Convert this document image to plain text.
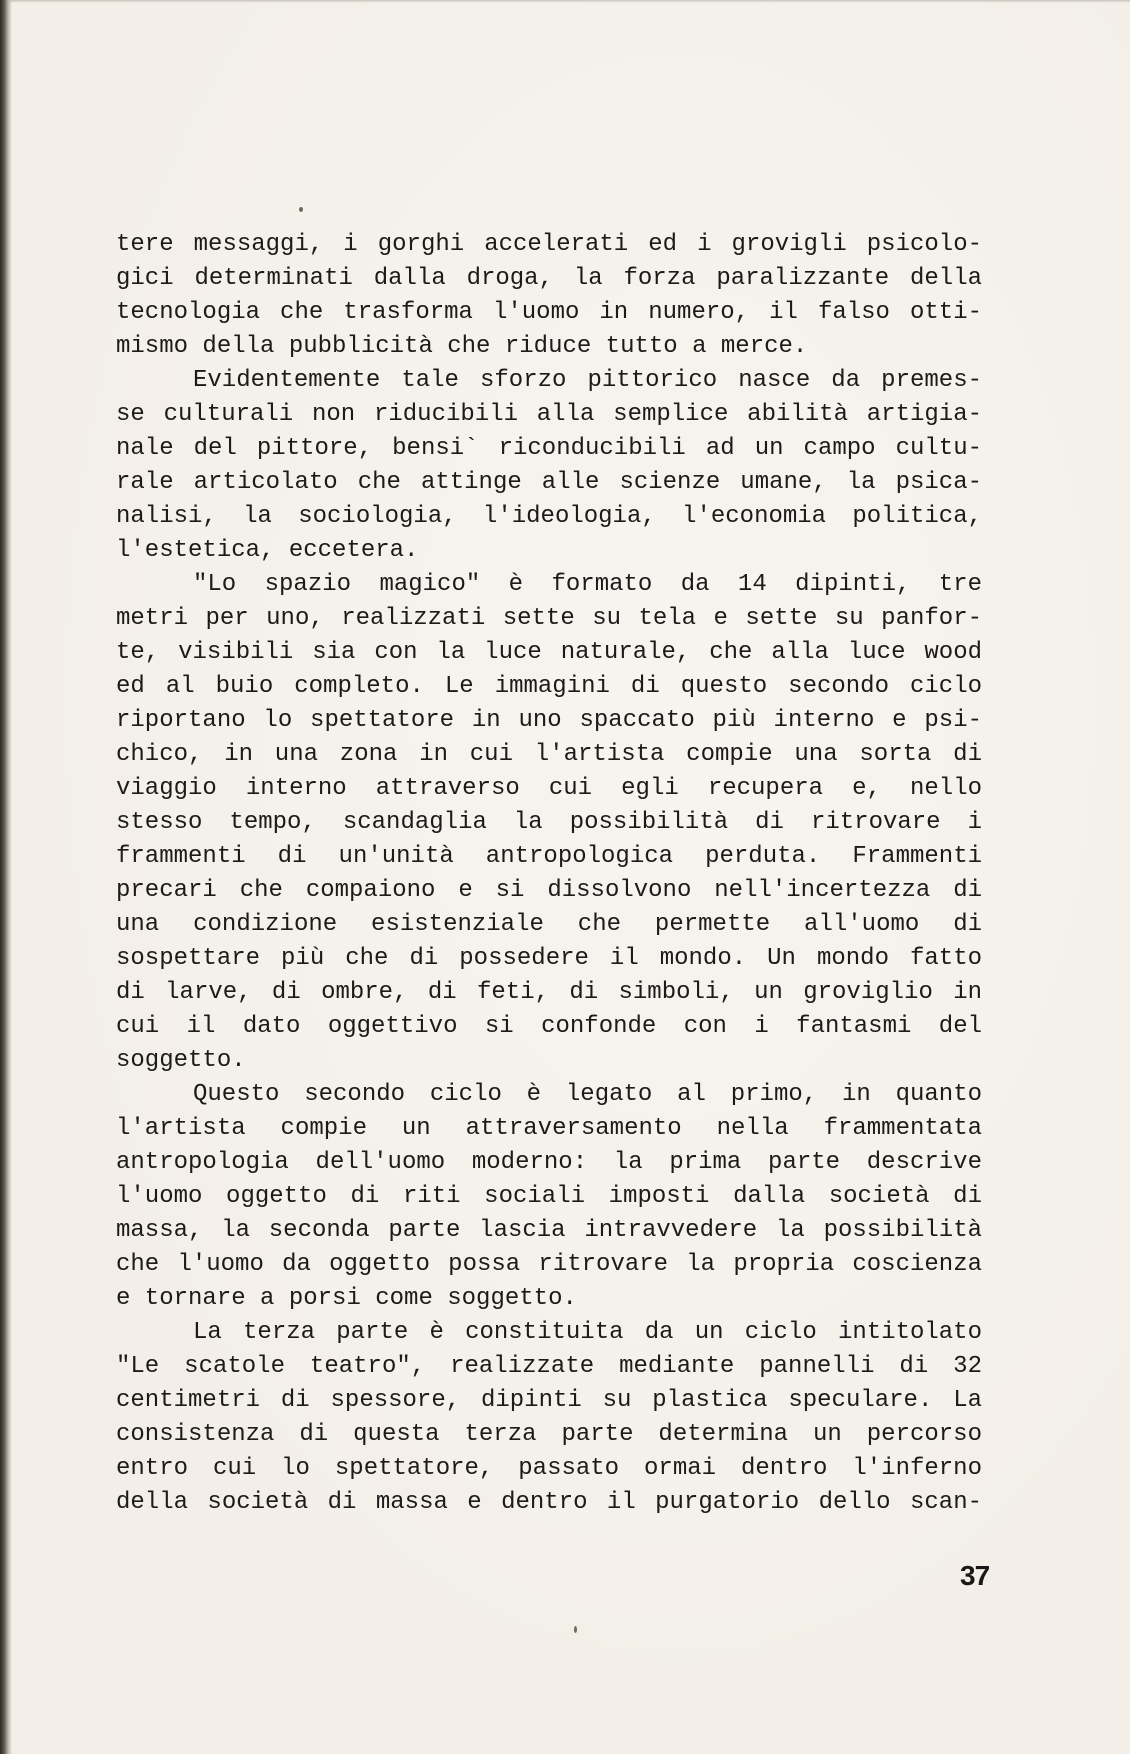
tere messaggi, i gorghi accelerati ed i grovigli psicolo-
gici determinati dalla droga, la forza paralizzante della
tecnologia che trasforma l'uomo in numero, il falso otti-
mismo della pubblicità che riduce tutto a merce.
Evidentemente tale sforzo pittorico nasce da premes-
se culturali non riducibili alla semplice abilità artigia-
nale del pittore, bensi` riconducibili ad un campo cultu-
rale articolato che attinge alle scienze umane, la psica-
nalisi, la sociologia, l'ideologia, l'economia politica,
l'estetica, eccetera.
"Lo spazio magico" è formato da 14 dipinti, tre
metri per uno, realizzati sette su tela e sette su panfor-
te, visibili sia con la luce naturale, che alla luce wood
ed al buio completo. Le immagini di questo secondo ciclo
riportano lo spettatore in uno spaccato più interno e psi-
chico, in una zona in cui l'artista compie una sorta di
viaggio interno attraverso cui egli recupera e, nello
stesso tempo, scandaglia la possibilità di ritrovare i
frammenti di un'unità antropologica perduta. Frammenti
precari che compaiono e si dissolvono nell'incertezza di
una condizione esistenziale che permette all'uomo di
sospettare più che di possedere il mondo. Un mondo fatto
di larve, di ombre, di feti, di simboli, un groviglio in
cui il dato oggettivo si confonde con i fantasmi del
soggetto.
Questo secondo ciclo è legato al primo, in quanto
l'artista compie un attraversamento nella frammentata
antropologia dell'uomo moderno: la prima parte descrive
l'uomo oggetto di riti sociali imposti dalla società di
massa, la seconda parte lascia intravvedere la possibilità
che l'uomo da oggetto possa ritrovare la propria coscienza
e tornare a porsi come soggetto.
La terza parte è constituita da un ciclo intitolato
"Le scatole teatro", realizzate mediante pannelli di 32
centimetri di spessore, dipinti su plastica speculare. La
consistenza di questa terza parte determina un percorso
entro cui lo spettatore, passato ormai dentro l'inferno
della società di massa e dentro il purgatorio dello scan-
37
